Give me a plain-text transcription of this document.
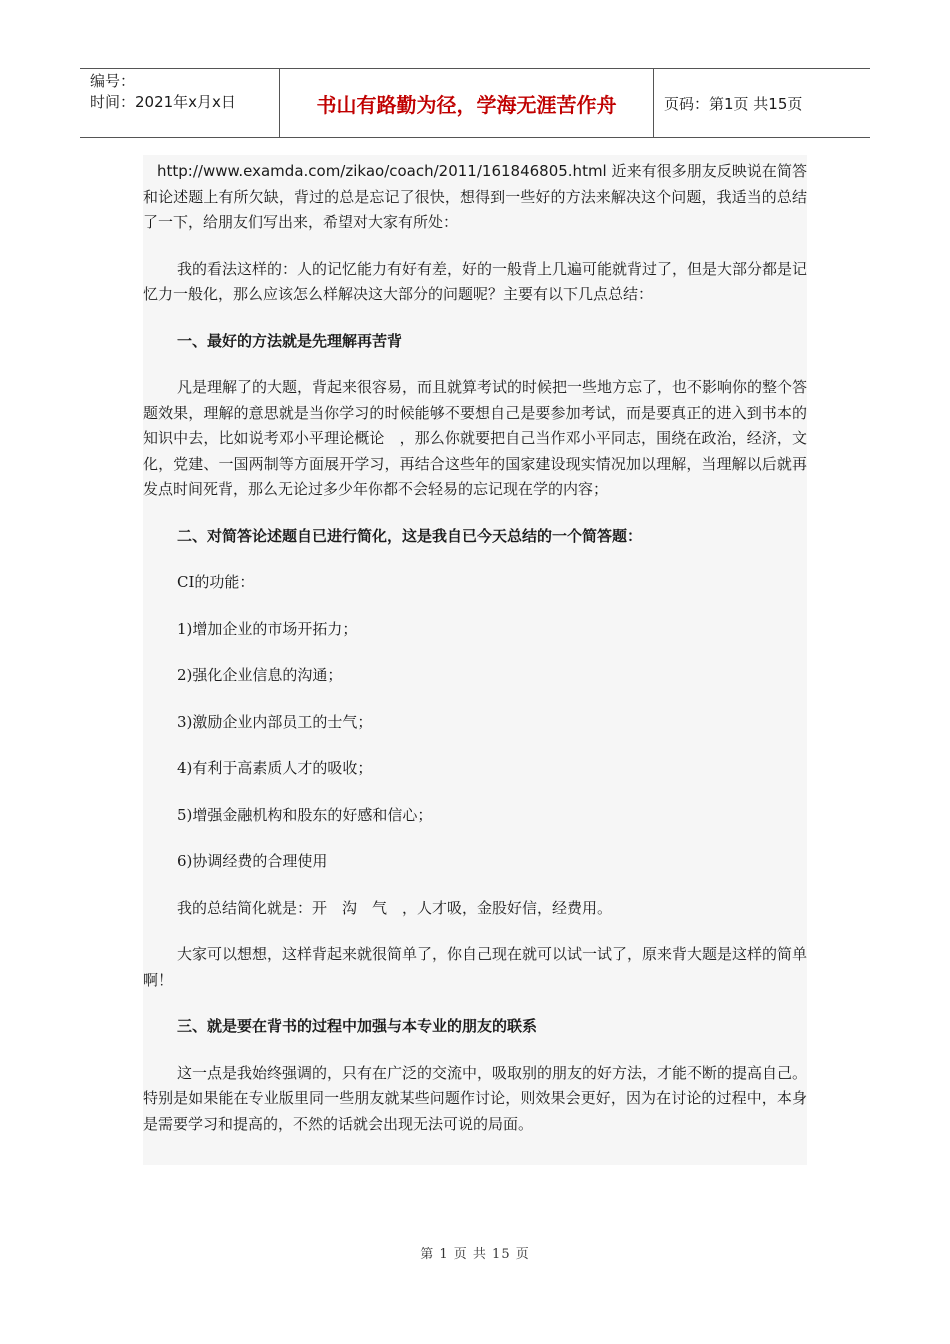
编号：
时间：2021年x月x日	书山有路勤为径，学海无涯苦作舟	页码：第1页 共15页

http://www.examda.com/zikao/coach/2011/161846805.html 近来有很多朋友反映说在简答和论述题上有所欠缺，背过的总是忘记了很快，想得到一些好的方法来解决这个问题，我适当的总结了一下，给朋友们写出来，希望对大家有所处：

我的看法这样的：人的记忆能力有好有差，好的一般背上几遍可能就背过了，但是大部分都是记忆力一般化，那么应该怎么样解决这大部分的问题呢？主要有以下几点总结：

一、最好的方法就是先理解再苦背

凡是理解了的大题，背起来很容易，而且就算考试的时候把一些地方忘了，也不影响你的整个答题效果，理解的意思就是当你学习的时候能够不要想自己是要参加考试，而是要真正的进入到书本的知识中去，比如说考邓小平理论概论　，那么你就要把自己当作邓小平同志，围绕在政治，经济，文化，党建、一国两制等方面展开学习，再结合这些年的国家建设现实情况加以理解，当理解以后就再发点时间死背，那么无论过多少年你都不会轻易的忘记现在学的内容；

二、对简答论述题自已进行简化，这是我自已今天总结的一个简答题：

CI的功能：

1)增加企业的市场开拓力；

2)强化企业信息的沟通；

3)激励企业内部员工的士气；

4)有利于高素质人才的吸收；

5)增强金融机构和股东的好感和信心；

6)协调经费的合理使用

我的总结简化就是：开　沟　气　，人才吸，金股好信，经费用。

大家可以想想，这样背起来就很简单了，你自己现在就可以试一试了，原来背大题是这样的简单啊！

三、就是要在背书的过程中加强与本专业的朋友的联系

这一点是我始终强调的，只有在广泛的交流中，吸取别的朋友的好方法，才能不断的提高自己。特别是如果能在专业版里同一些朋友就某些问题作讨论，则效果会更好，因为在讨论的过程中，本身是需要学习和提高的，不然的话就会出现无法可说的局面。

第 1 页 共 15 页
